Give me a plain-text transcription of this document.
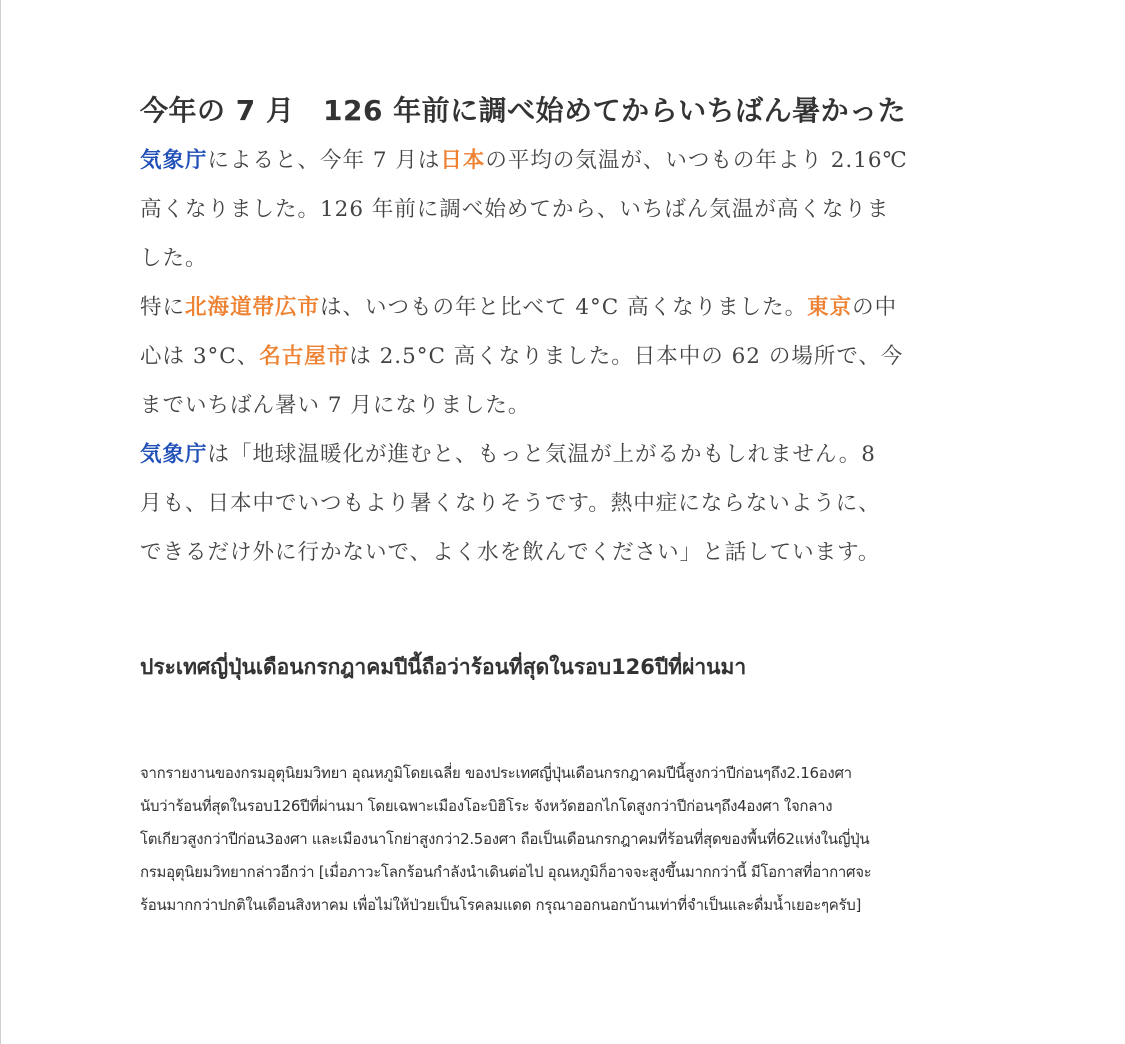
今年の 7 月　126 年前に調べ始めてからいちばん暑かった

気象庁によると、今年 7 月は日本の平均の気温が、いつもの年より 2.16℃
高くなりました。126 年前に調べ始めてから、いちばん気温が高くなりま
した。

特に北海道帯広市は、いつもの年と比べて 4°C 高くなりました。東京の中
心は 3°C、名古屋市は 2.5°C 高くなりました。日本中の 62 の場所で、今
までいちばん暑い 7 月になりました。

気象庁は「地球温暖化が進むと、もっと気温が上がるかもしれません。8
月も、日本中でいつもより暑くなりそうです。熱中症にならないように、
できるだけ外に行かないで、よく水を飲んでください」と話しています。

ประเทศญี่ปุ่นเดือนกรกฎาคมปีนี้ถือว่าร้อนที่สุดในรอบ126ปีที่ผ่านมา

จากรายงานของกรมอุตุนิยมวิทยา อุณหภูมิโดยเฉลี่ย ของประเทศญี่ปุ่นเดือนกรกฎาคมปีนี้สูงกว่าปีก่อนๆถึง2.16องศา
นับว่าร้อนที่สุดในรอบ126ปีที่ผ่านมา โดยเฉพาะเมืองโอะบิฮิโระ จังหวัดฮอกไกโดสูงกว่าปีก่อนๆถึง4องศา ใจกลาง
โตเกียวสูงกว่าปีก่อน3องศา และเมืองนาโกย่าสูงกว่า2.5องศา ถือเป็นเดือนกรกฎาคมที่ร้อนที่สุดของพื้นที่62แห่งในญี่ปุ่น
กรมอุตุนิยมวิทยากล่าวอีกว่า [เมื่อภาวะโลกร้อนกำลังนำเดินต่อไป อุณหภูมิก็อาจจะสูงขึ้นมากกว่านี้ มีโอกาสที่อากาศจะ
ร้อนมากกว่าปกติในเดือนสิงหาคม เพื่อไม่ให้ป่วยเป็นโรคลมแดด กรุณาออกนอกบ้านเท่าที่จำเป็นและดื่มน้ำเยอะๆครับ]
